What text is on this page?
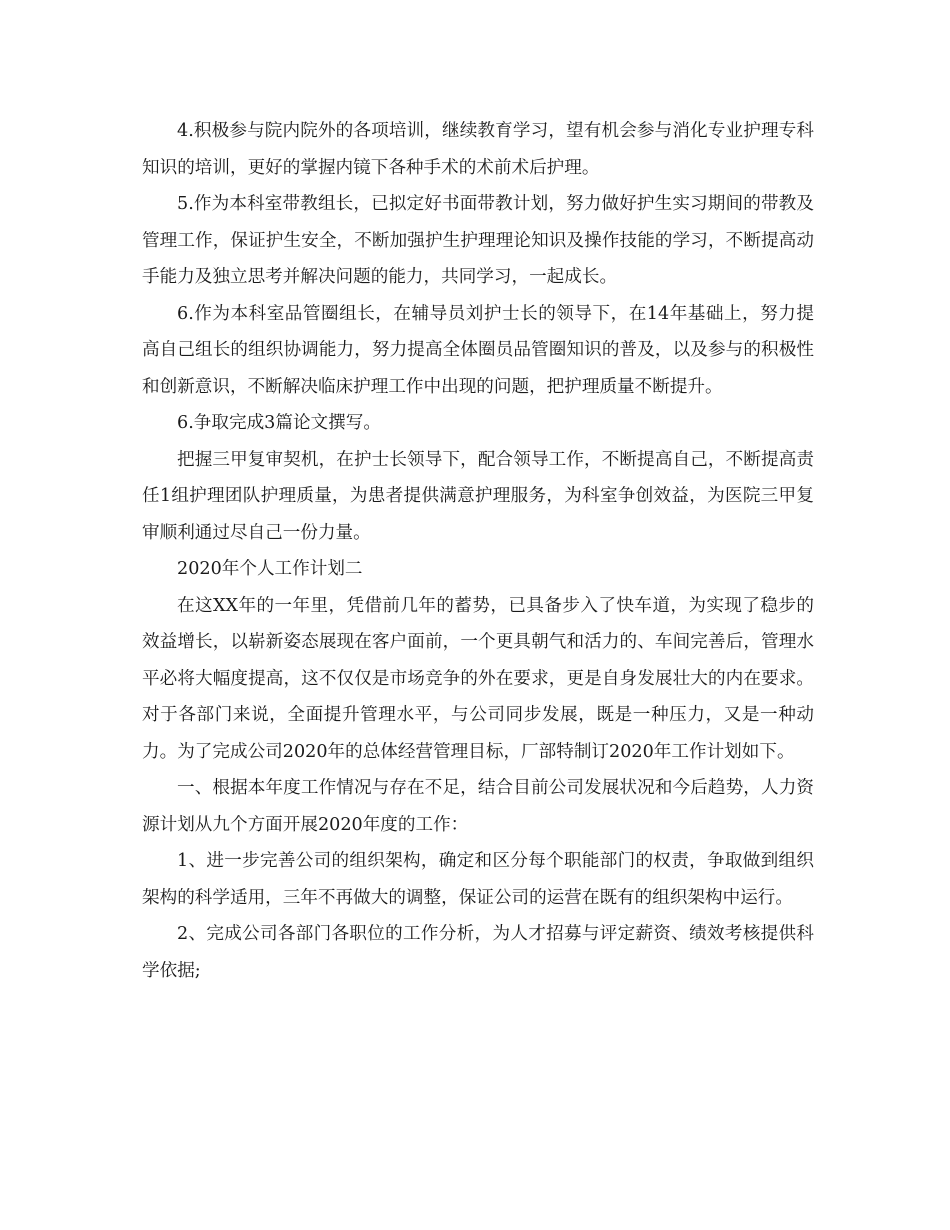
4.积极参与院内院外的各项培训，继续教育学习，望有机会参与消化专业护理专科知识的培训，更好的掌握内镜下各种手术的术前术后护理。

5.作为本科室带教组长，已拟定好书面带教计划，努力做好护生实习期间的带教及管理工作，保证护生安全，不断加强护生护理理论知识及操作技能的学习，不断提高动手能力及独立思考并解决问题的能力，共同学习，一起成长。

6.作为本科室品管圈组长，在辅导员刘护士长的领导下，在14年基础上，努力提高自己组长的组织协调能力，努力提高全体圈员品管圈知识的普及，以及参与的积极性和创新意识，不断解决临床护理工作中出现的问题，把护理质量不断提升。

6.争取完成3篇论文撰写。

把握三甲复审契机，在护士长领导下，配合领导工作，不断提高自己，不断提高责任1组护理团队护理质量，为患者提供满意护理服务，为科室争创效益，为医院三甲复审顺利通过尽自己一份力量。

2020年个人工作计划二

在这XX年的一年里，凭借前几年的蓄势，已具备步入了快车道，为实现了稳步的效益增长，以崭新姿态展现在客户面前，一个更具朝气和活力的、车间完善后，管理水平必将大幅度提高，这不仅仅是市场竞争的外在要求，更是自身发展壮大的内在要求。对于各部门来说，全面提升管理水平，与公司同步发展，既是一种压力，又是一种动力。为了完成公司2020年的总体经营管理目标，厂部特制订2020年工作计划如下。

一、根据本年度工作情况与存在不足，结合目前公司发展状况和今后趋势，人力资源计划从九个方面开展2020年度的工作：

1、进一步完善公司的组织架构，确定和区分每个职能部门的权责，争取做到组织架构的科学适用，三年不再做大的调整，保证公司的运营在既有的组织架构中运行。

2、完成公司各部门各职位的工作分析，为人才招募与评定薪资、绩效考核提供科学依据;
